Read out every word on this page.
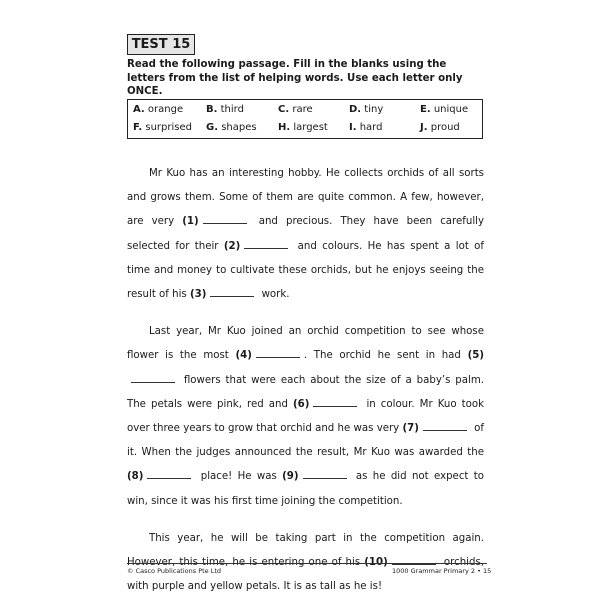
TEST 15
Read the following passage. Fill in the blanks using the letters from the list of helping words. Use each letter only ONCE.
A. orange B. third	C. rare	D. tiny	E. unique
F. surprised G. shapes H. largest I. hard	J. proud

Mr Kuo has an interesting hobby. He collects orchids of all sorts and grows them. Some of them are quite common. A few, however, are very (1)	and precious. They have been carefully selected for their (2)	and colours. He has spent a lot of time and money to cultivate these orchids, but he enjoys seeing the result of his (3)	work.

Last year, Mr Kuo joined an orchid competition to see whose flower is the most (4)	. The orchid he sent in had (5) flowers that were each about the size of a baby’s palm. The petals were pink, red and (6)	in colour. Mr Kuo took over three years to grow that orchid and he was very (7)	of it. When the judges announced the result, Mr Kuo was awarded the (8)	place! He was (9)	as he did not expect to win, since it was his first time joining the competition.

This year, he will be taking part in the competition again.  with purple and yellow petals. It is as tall as he is!

© Casco Publications Pte Ltd	1000 Grammar Primary 2 • 15
